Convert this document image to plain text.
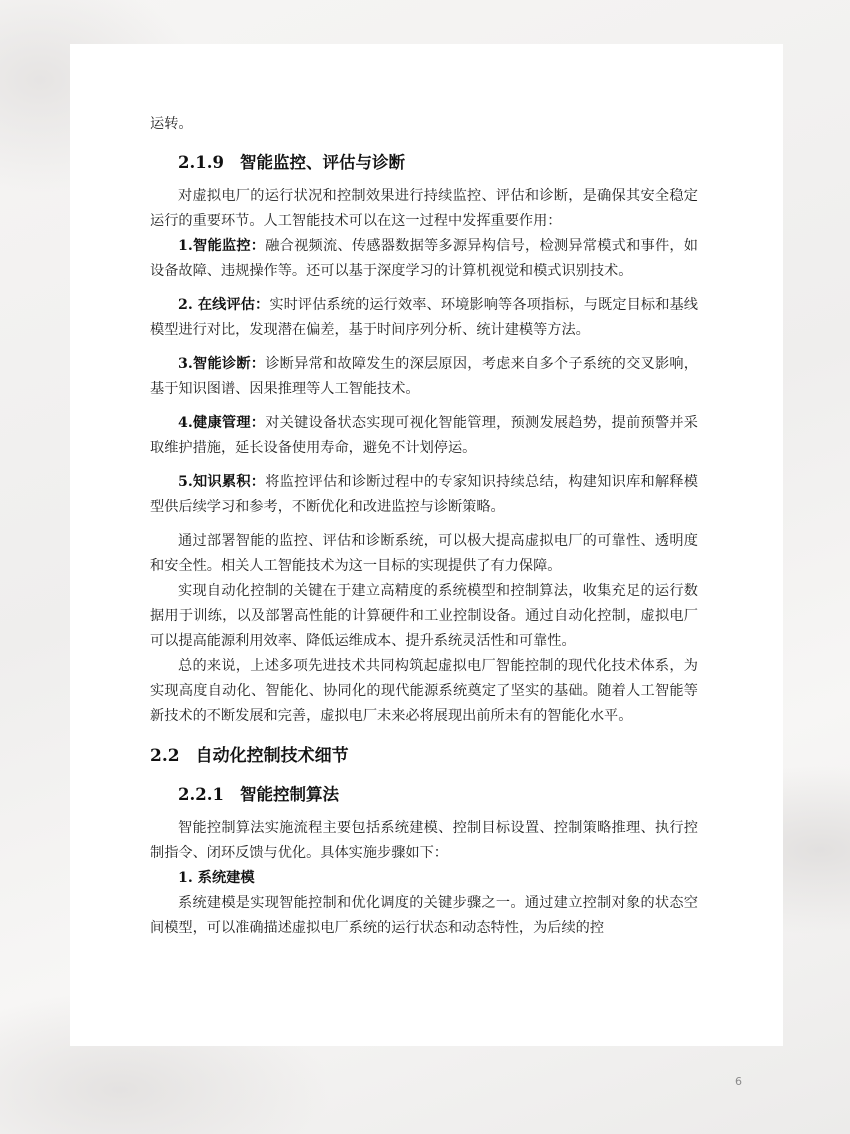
运转。

2.1.9 智能监控、评估与诊断

对虚拟电厂的运行状况和控制效果进行持续监控、评估和诊断，是确保其安全稳定运行的重要环节。人工智能技术可以在这一过程中发挥重要作用：

1.智能监控：融合视频流、传感器数据等多源异构信号，检测异常模式和事件，如设备故障、违规操作等。还可以基于深度学习的计算机视觉和模式识别技术。

2. 在线评估：实时评估系统的运行效率、环境影响等各项指标，与既定目标和基线模型进行对比，发现潜在偏差，基于时间序列分析、统计建模等方法。

3.智能诊断：诊断异常和故障发生的深层原因，考虑来自多个子系统的交叉影响，基于知识图谱、因果推理等人工智能技术。

4.健康管理：对关键设备状态实现可视化智能管理，预测发展趋势，提前预警并采取维护措施，延长设备使用寿命，避免不计划停运。

5.知识累积：将监控评估和诊断过程中的专家知识持续总结，构建知识库和解释模型供后续学习和参考，不断优化和改进监控与诊断策略。

通过部署智能的监控、评估和诊断系统，可以极大提高虚拟电厂的可靠性、透明度和安全性。相关人工智能技术为这一目标的实现提供了有力保障。

实现自动化控制的关键在于建立高精度的系统模型和控制算法，收集充足的运行数据用于训练，以及部署高性能的计算硬件和工业控制设备。通过自动化控制，虚拟电厂可以提高能源利用效率、降低运维成本、提升系统灵活性和可靠性。

总的来说，上述多项先进技术共同构筑起虚拟电厂智能控制的现代化技术体系，为实现高度自动化、智能化、协同化的现代能源系统奠定了坚实的基础。随着人工智能等新技术的不断发展和完善，虚拟电厂未来必将展现出前所未有的智能化水平。

2.2 自动化控制技术细节
2.2.1 智能控制算法

智能控制算法实施流程主要包括系统建模、控制目标设置、控制策略推理、执行控制指令、闭环反馈与优化。具体实施步骤如下：

1. 系统建模

系统建模是实现智能控制和优化调度的关键步骤之一。通过建立控制对象的状态空间模型，可以准确描述虚拟电厂系统的运行状态和动态特性，为后续的控

6
